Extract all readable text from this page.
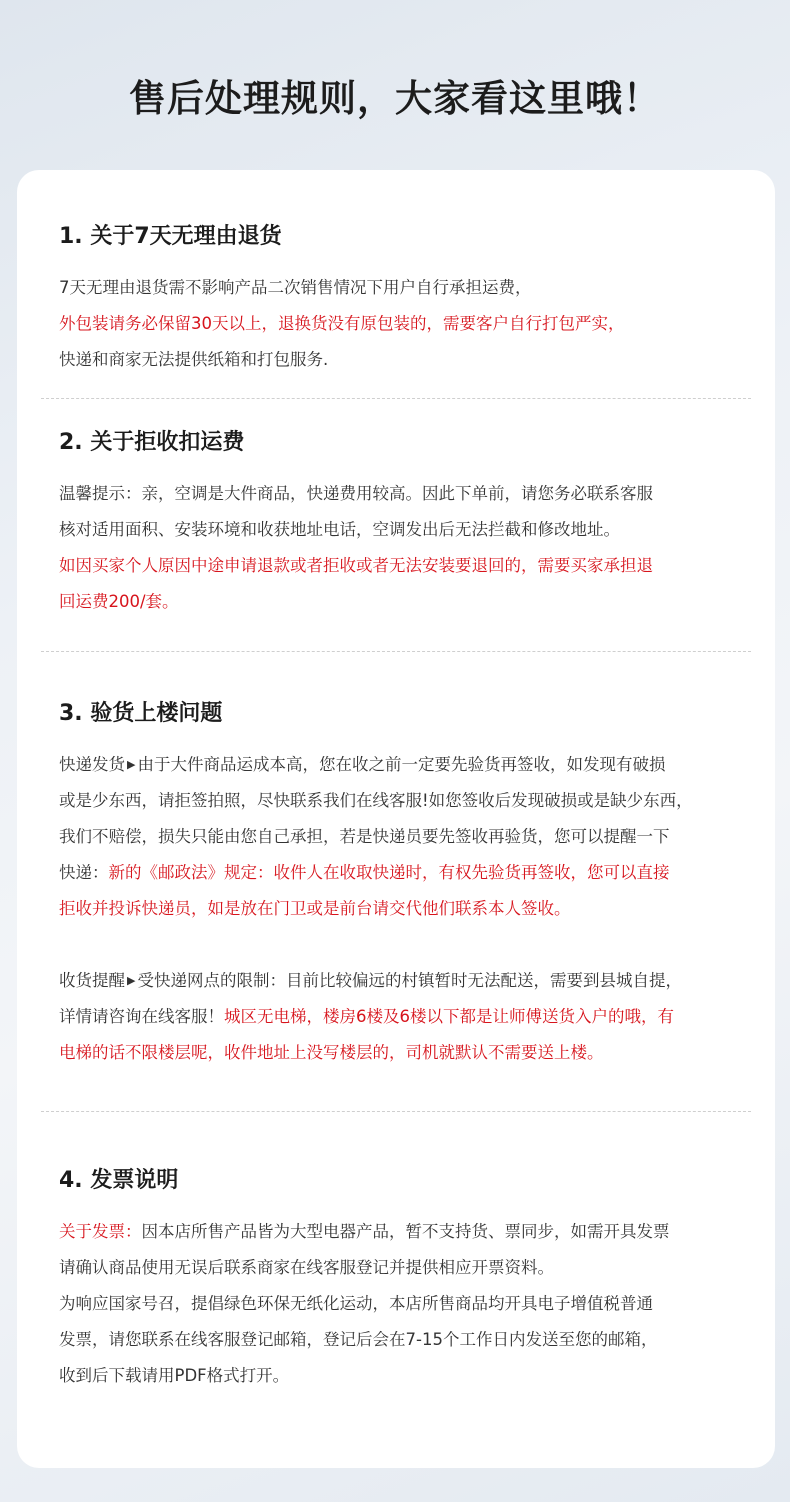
售后处理规则，大家看这里哦！
1. 关于7天无理由退货

7天无理由退货需不影响产品二次销售情况下用户自行承担运费，

外包装请务必保留30天以上，退换货没有原包装的，需要客户自行打包严实，

快递和商家无法提供纸箱和打包服务.

2. 关于拒收扣运费

温馨提示：亲，空调是大件商品，快递费用较高。因此下单前，请您务必联系客服

核对适用面积、安装环境和收获地址电话，空调发出后无法拦截和修改地址。

如因买家个人原因中途申请退款或者拒收或者无法安装要退回的，需要买家承担退

回运费200/套。

3. 验货上楼问题

快递发货 ▶ 由于大件商品运成本高，您在收之前一定要先验货再签收，如发现有破损

或是少东西，请拒签拍照，尽快联系我们在线客服!如您签收后发现破损或是缺少东西，

我们不赔偿，损失只能由您自己承担，若是快递员要先签收再验货，您可以提醒一下

快递：新的《邮政法》规定：收件人在收取快递时，有权先验货再签收，您可以直接

拒收并投诉快递员，如是放在门卫或是前台请交代他们联系本人签收。

收货提醒 ▶ 受快递网点的限制：目前比较偏远的村镇暂时无法配送，需要到县城自提，

详情请咨询在线客服！城区无电梯，楼房6楼及6楼以下都是让师傅送货入户的哦，有

电梯的话不限楼层呢，收件地址上没写楼层的，司机就默认不需要送上楼。

4. 发票说明

关于发票：因本店所售产品皆为大型电器产品，暂不支持货、票同步，如需开具发票

请确认商品使用无误后联系商家在线客服登记并提供相应开票资料。

为响应国家号召，提倡绿色环保无纸化运动，本店所售商品均开具电子增值税普通

发票，请您联系在线客服登记邮箱，登记后会在7-15个工作日内发送至您的邮箱，

收到后下载请用PDF格式打开。
